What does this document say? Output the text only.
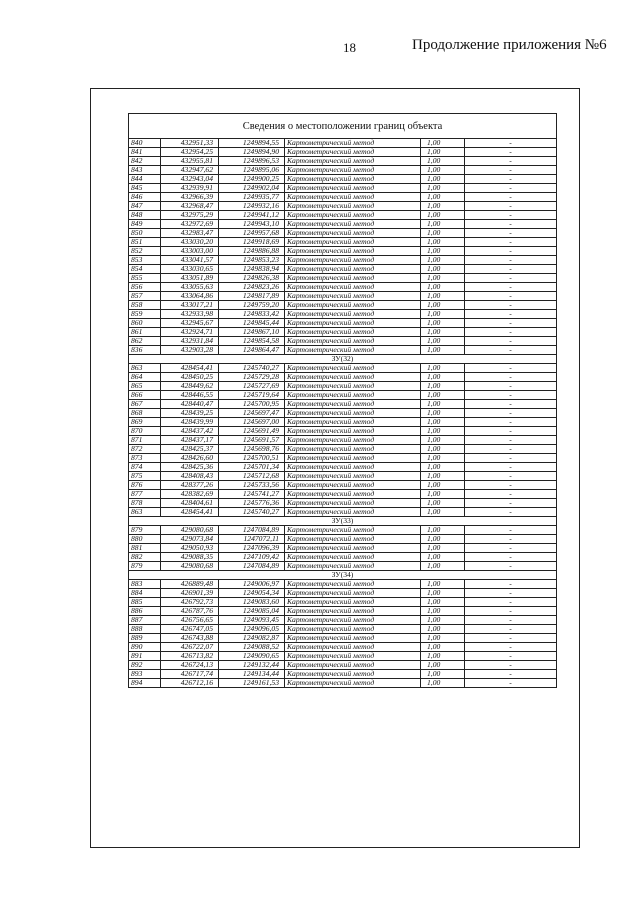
18	Продолжение приложения №6
Сведения о местоположении границ объекта					
840	432951,33	1249894,55	Картометрический метод	1,00	-
841	432954,25	1249894,90	Картометрический метод	1,00	-
842	432955,81	1249896,53	Картометрический метод	1,00	-
843	432947,62	1249895,06	Картометрический метод	1,00	-
844	432943,04	1249900,25	Картометрический метод	1,00	-
845	432939,91	1249902,04	Картометрический метод	1,00	-
846	432966,39	1249935,77	Картометрический метод	1,00	-
847	432968,47	1249932,16	Картометрический метод	1,00	-
848	432975,29	1249941,12	Картометрический метод	1,00	-
849	432972,69	1249943,10	Картометрический метод	1,00	-
850	432983,47	1249957,68	Картометрический метод	1,00	-
851	433030,20	1249918,69	Картометрический метод	1,00	-
852	433003,00	1249886,88	Картометрический метод	1,00	-
853	433041,57	1249853,23	Картометрический метод	1,00	-
854	433030,65	1249838,94	Картометрический метод	1,00	-
855	433051,89	1249826,38	Картометрический метод	1,00	-
856	433055,63	1249823,26	Картометрический метод	1,00	-
857	433064,86	1249817,89	Картометрический метод	1,00	-
858	433017,21	1249759,20	Картометрический метод	1,00	-
859	432933,98	1249833,42	Картометрический метод	1,00	-
860	432945,67	1249845,44	Картометрический метод	1,00	-
861	432924,71	1249867,10	Картометрический метод	1,00	-
862	432931,84	1249854,58	Картометрический метод	1,00	-
836	432903,28	1249864,47	Картометрический метод	1,00	-
ЗУ(32)					
863	428454,41	1245740,27	Картометрический метод	1,00	-
864	428450,25	1245729,28	Картометрический метод	1,00	-
865	428449,62	1245727,69	Картометрический метод	1,00	-
866	428446,55	1245719,64	Картометрический метод	1,00	-
867	428440,47	1245700,95	Картометрический метод	1,00	-
868	428439,25	1245697,47	Картометрический метод	1,00	-
869	428439,99	1245697,00	Картометрический метод	1,00	-
870	428437,42	1245691,49	Картометрический метод	1,00	-
871	428437,17	1245691,57	Картометрический метод	1,00	-
872	428425,37	1245698,76	Картометрический метод	1,00	-
873	428426,60	1245700,51	Картометрический метод	1,00	-
874	428425,36	1245701,34	Картометрический метод	1,00	-
875	428408,43	1245712,68	Картометрический метод	1,00	-
876	428377,26	1245733,56	Картометрический метод	1,00	-
877	428382,69	1245741,27	Картометрический метод	1,00	-
878	428404,61	1245776,36	Картометрический метод	1,00	-
863	428454,41	1245740,27	Картометрический метод	1,00	-
ЗУ(33)					
879	429080,68	1247084,89	Картометрический метод	1,00	-
880	429073,84	1247072,11	Картометрический метод	1,00	-
881	429050,93	1247096,39	Картометрический метод	1,00	-
882	429088,35	1247109,42	Картометрический метод	1,00	-
879	429080,68	1247084,89	Картометрический метод	1,00	-
ЗУ(34)					
883	426889,48	1249006,97	Картометрический метод	1,00	-
884	426901,39	1249054,34	Картометрический метод	1,00	-
885	426792,73	1249083,60	Картометрический метод	1,00	-
886	426787,76	1249085,04	Картометрический метод	1,00	-
887	426756,65	1249093,45	Картометрический метод	1,00	-
888	426747,05	1249096,05	Картометрический метод	1,00	-
889	426743,88	1249082,87	Картометрический метод	1,00	-
890	426722,07	1249088,52	Картометрический метод	1,00	-
891	426713,82	1249090,65	Картометрический метод	1,00	-
892	426724,13	1249132,44	Картометрический метод	1,00	-
893	426717,74	1249134,44	Картометрический метод	1,00	-
894	426712,16	1249161,53	Картометрический метод	1,00	-
